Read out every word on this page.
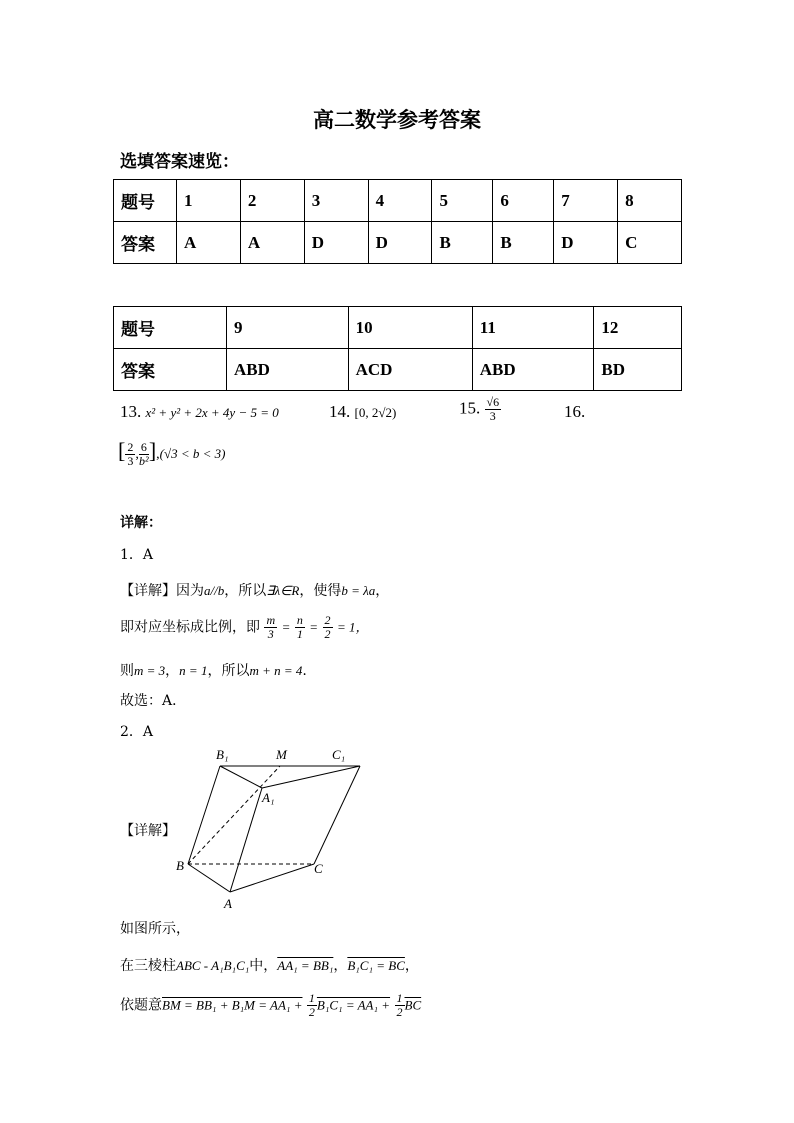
高二数学参考答案
选填答案速览：
题号	1	2	3	4	5	6	7	8
答案	A	A	D	D	B	B	D	C
题号	9	10	11	12
答案	ABD	ACD	ABD	BD
13. x² + y² + 2x + 4y − 5 = 0	14. [0, 2√2)	15. $\frac{√6}{3}$	16.
[ $\frac{2}{3}$ , $\frac{6}{\text{b²}} ],(√3 < b < 3)$
详解：
1．A
【详解】因为a//b，所以∃λ∈R，使得b = λa，
即对应坐标成比例，即 $\frac{m}{3} = \frac{n}{1} = \frac{2}{2} = 1$，
则m = 3，n = 1，所以m + n = 4.
故选：A．
2．A
【详解】
B₁	M	C₁
A₁
B	C
A
如图所示，
在三棱柱ABC - A₁B₁C₁中，AA₁ = BB₁，B₁C₁ = BC，
依题意BM = $BB_1 + B_1M = AA_1 + \frac{1}{2} B_1C_1 = AA_1 + \frac{1}{2} \overline{BC}$
